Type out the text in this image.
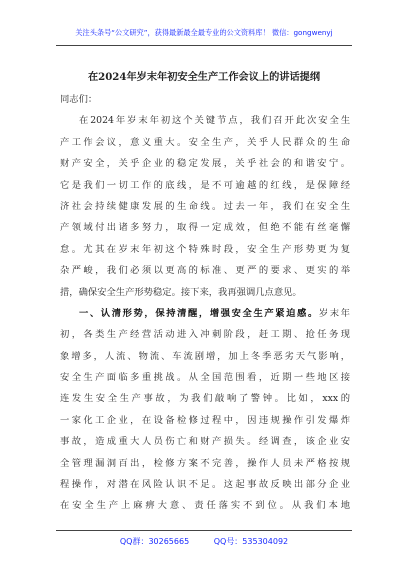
关注头条号“公文研究”，获得最新最全最专业的公文资料库！ 微信：gongwenyj
在2024年岁末年初安全生产工作会议上的讲话提纲
同志们：
在2024年岁末年初这个关键节点，我们召开此次安全生
产工作会议，意义重大。安全生产，关乎人民群众的生命
财产安全，关乎企业的稳定发展，关乎社会的和谐安宁。
它是我们一切工作的底线，是不可逾越的红线，是保障经
济社会持续健康发展的生命线。过去一年，我们在安全生
产领域付出诸多努力，取得一定成效，但绝不能有丝毫懈
怠。尤其在岁末年初这个特殊时段，安全生产形势更为复
杂严峻，我们必须以更高的标准、更严的要求、更实的举
措，确保安全生产形势稳定。接下来，我再强调几点意见。
一、认清形势，保持清醒，增强安全生产紧迫感。岁末年
初，各类生产经营活动进入冲刺阶段，赶工期、抢任务现
象增多，人流、物流、车流剧增，加上冬季恶劣天气影响，
安全生产面临多重挑战。从全国范围看，近期一些地区接
连发生安全生产事故，为我们敲响了警钟。比如，xxx的
一家化工企业，在设备检修过程中，因违规操作引发爆炸
事故，造成重大人员伤亡和财产损失。经调查，该企业安
全管理漏洞百出，检修方案不完善，操作人员未严格按规
程操作，对潜在风险认识不足。这起事故反映出部分企业
在安全生产上麻痹大意、责任落实不到位。从我们本地
QQ群：30265665	QQ号：535304092
